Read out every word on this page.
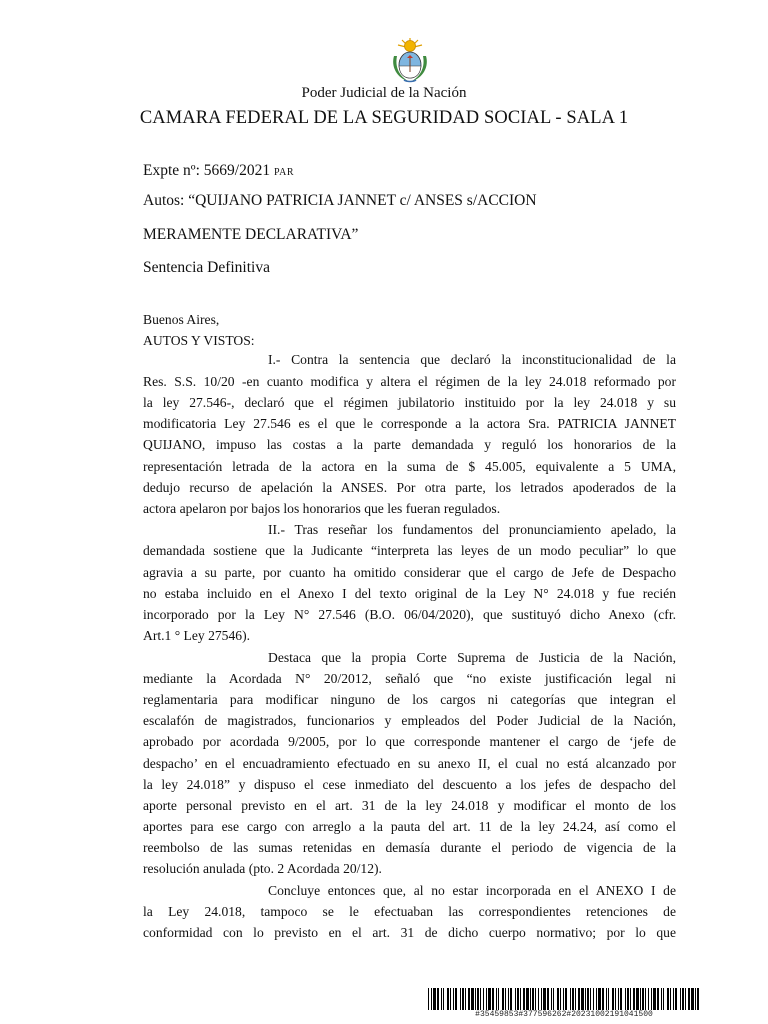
Poder Judicial de la Nación
CAMARA FEDERAL DE LA SEGURIDAD SOCIAL - SALA 1
Expte nº: 5669/2021 PAR
Autos: “QUIJANO PATRICIA JANNET c/ ANSES s/ACCION
MERAMENTE DECLARATIVA”
Sentencia Definitiva
Buenos Aires,
AUTOS Y VISTOS:
I.- Contra la sentencia que declaró la inconstitucionalidad de la
Res. S.S. 10/20 -en cuanto modifica y altera el régimen de la ley 24.018 reformado por
la ley 27.546-, declaró que el régimen jubilatorio instituido por la ley 24.018 y su
modificatoria Ley 27.546 es el que le corresponde a la actora Sra. PATRICIA JANNET
QUIJANO, impuso las costas a la parte demandada y reguló los honorarios de la
representación letrada de la actora en la suma de $ 45.005, equivalente a 5 UMA,
dedujo recurso de apelación la ANSES. Por otra parte, los letrados apoderados de la
actora apelaron por bajos los honorarios que les fueran regulados.
II.- Tras reseñar los fundamentos del pronunciamiento apelado, la
demandada sostiene que la Judicante “interpreta las leyes de un modo peculiar” lo que
agravia a su parte, por cuanto ha omitido considerar que el cargo de Jefe de Despacho
no estaba incluido en el Anexo I del texto original de la Ley N° 24.018 y fue recién
incorporado por la Ley N° 27.546 (B.O. 06/04/2020), que sustituyó dicho Anexo (cfr.
Art.1 ° Ley 27546).
Destaca que la propia Corte Suprema de Justicia de la Nación,
mediante la Acordada N° 20/2012, señaló que “no existe justificación legal ni
reglamentaria para modificar ninguno de los cargos ni categorías que integran el
escalafón de magistrados, funcionarios y empleados del Poder Judicial de la Nación,
aprobado por acordada 9/2005, por lo que corresponde mantener el cargo de ‘jefe de
despacho’ en el encuadramiento efectuado en su anexo II, el cual no está alcanzado por
la ley 24.018” y dispuso el cese inmediato del descuento a los jefes de despacho del
aporte personal previsto en el art. 31 de la ley 24.018 y modificar el monto de los
aportes para ese cargo con arreglo a la pauta del art. 11 de la ley 24.24, así como el
reembolso de las sumas retenidas en demasía durante el periodo de vigencia de la
resolución anulada (pto. 2 Acordada 20/12).
Concluye entonces que, al no estar incorporada en el ANEXO I de
la Ley 24.018, tampoco se le efectuaban las correspondientes retenciones de
conformidad con lo previsto en el art. 31 de dicho cuerpo normativo; por lo que
#35459853#377596262#20231002191041500
